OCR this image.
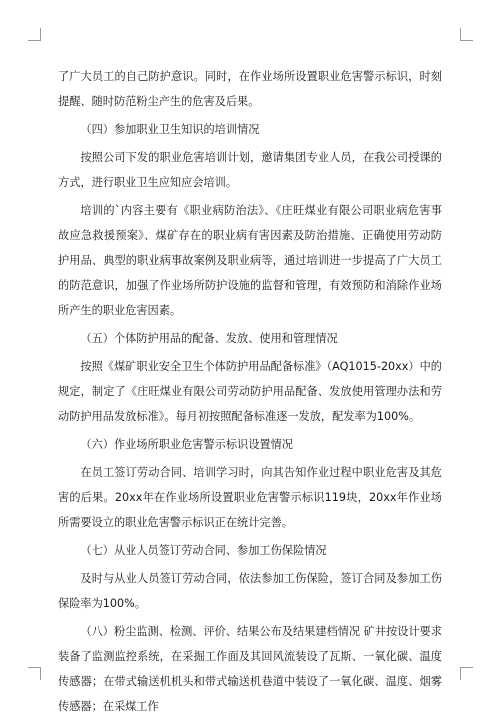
了广大员工的自己防护意识。同时，在作业场所设置职业危害警示标识，时刻提醒、随时防范粉尘产生的危害及后果。

（四）参加职业卫生知识的培训情况

按照公司下发的职业危害培训计划，邀请集团专业人员，在我公司授课的方式，进行职业卫生应知应会培训。

培训的`内容主要有《职业病防治法》、《庄旺煤业有限公司职业病危害事故应急救援预案》、煤矿存在的职业病有害因素及防治措施、正确使用劳动防护用品、典型的职业病事故案例及职业病等，通过培训进一步提高了广大员工的防范意识，加强了作业场所防护设施的监督和管理，有效预防和消除作业场所产生的职业危害因素。

（五）个体防护用品的配备、发放、使用和管理情况

按照《煤矿职业安全卫生个体防护用品配备标准》（AQ1015-20xx）中的规定，制定了《庄旺煤业有限公司劳动防护用品配备、发放使用管理办法和劳动防护用品发放标准》。每月初按照配备标准逐一发放，配发率为100%。

（六）作业场所职业危害警示标识设置情况

在员工签订劳动合同、培训学习时，向其告知作业过程中职业危害及其危害的后果。20xx年在作业场所设置职业危害警示标识119块，20xx年作业场所需要设立的职业危害警示标识正在统计完善。

（七）从业人员签订劳动合同、参加工伤保险情况

及时与从业人员签订劳动合同，依法参加工伤保险，签订合同及参加工伤保险率为100%。

（八）粉尘监测、检测、评价、结果公布及结果建档情况 矿井按设计要求装备了监测监控系统，在采掘工作面及其回风流装设了瓦斯、一氧化碳、温度传感器；在带式输送机机头和带式输送机巷道中装设了一氧化碳、温度、烟雾传感器；在采煤工作
